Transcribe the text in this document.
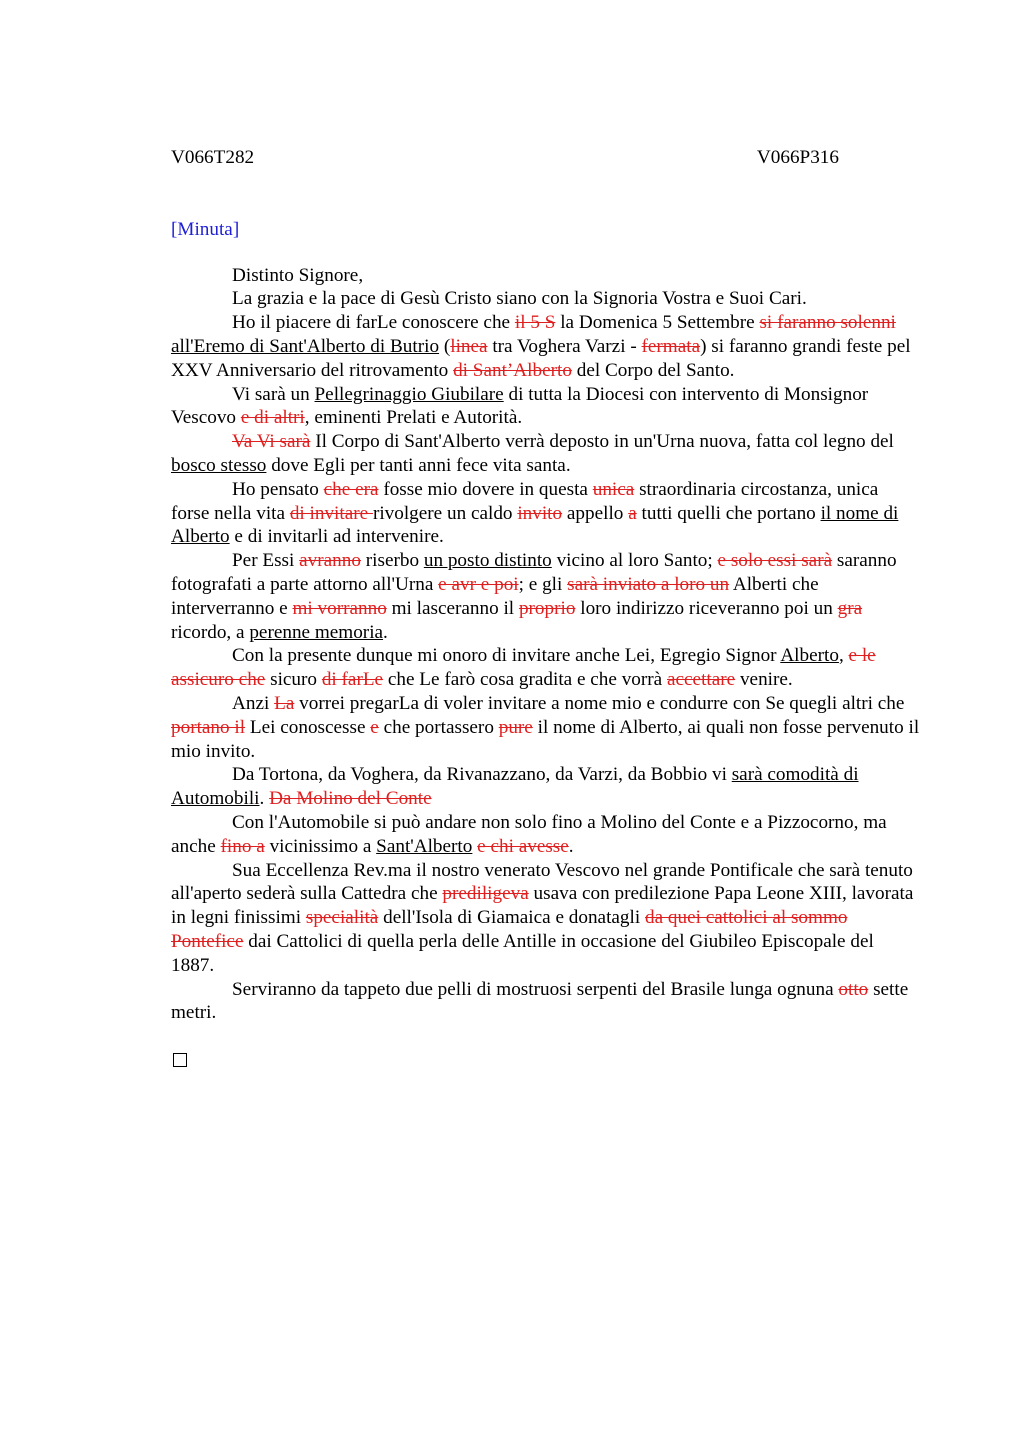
V066T282	V066P316
[Minuta]

Distinto Signore,

La grazia e la pace di Gesù Cristo siano con la Signoria Vostra e Suoi Cari.

Ho il piacere di farLe conoscere che il 5 S la Domenica 5 Settembre si faranno solenni all'Eremo di Sant'Alberto di Butrio (linea tra Voghera Varzi - fermata) si faranno grandi feste pel XXV Anniversario del ritrovamento di Sant’Alberto del Corpo del Santo.

Vi sarà un Pellegrinaggio Giubilare di tutta la Diocesi con intervento di Monsignor Vescovo e di altri, eminenti Prelati e Autorità.

Va Vi sarà Il Corpo di Sant'Alberto verrà deposto in un'Urna nuova, fatta col legno del bosco stesso dove Egli per tanti anni fece vita santa.

Ho pensato che era fosse mio dovere in questa unica straordinaria circostanza, unica forse nella vita di invitare rivolgere un caldo invito appello a tutti quelli che portano il nome di Alberto e di invitarli ad intervenire.

Per Essi avranno riserbo un posto distinto vicino al loro Santo; e solo essi sarà saranno fotografati a parte attorno all'Urna e avr e poi; e gli sarà inviato a loro un Alberti che interverranno e mi vorranno mi lasceranno il proprio loro indirizzo riceveranno poi un gra ricordo, a perenne memoria.

Con la presente dunque mi onoro di invitare anche Lei, Egregio Signor Alberto, e le assicuro che sicuro di farLe che Le farò cosa gradita e che vorrà accettare venire.

Anzi La vorrei pregarLa di voler invitare a nome mio e condurre con Se quegli altri che portano il Lei conoscesse e che portassero pure il nome di Alberto, ai quali non fosse pervenuto il mio invito.

Da Tortona, da Voghera, da Rivanazzano, da Varzi, da Bobbio vi sarà comodità di Automobili. Da Molino del Conte

Con l'Automobile si può andare non solo fino a Molino del Conte e a Pizzocorno, ma anche fino a vicinissimo a Sant'Alberto e chi avesse.

Sua Eccellenza Rev.ma il nostro venerato Vescovo nel grande Pontificale che sarà tenuto all'aperto sederà sulla Cattedra che prediligeva usava con predilezione Papa Leone XIII, lavorata in legni finissimi specialità dell'Isola di Giamaica e donatagli da quei cattolici al sommo Pontefice dai Cattolici di quella perla delle Antille in occasione del Giubileo Episcopale del 1887.

Serviranno da tappeto due pelli di mostruosi serpenti del Brasile lunga ognuna otto sette metri.
